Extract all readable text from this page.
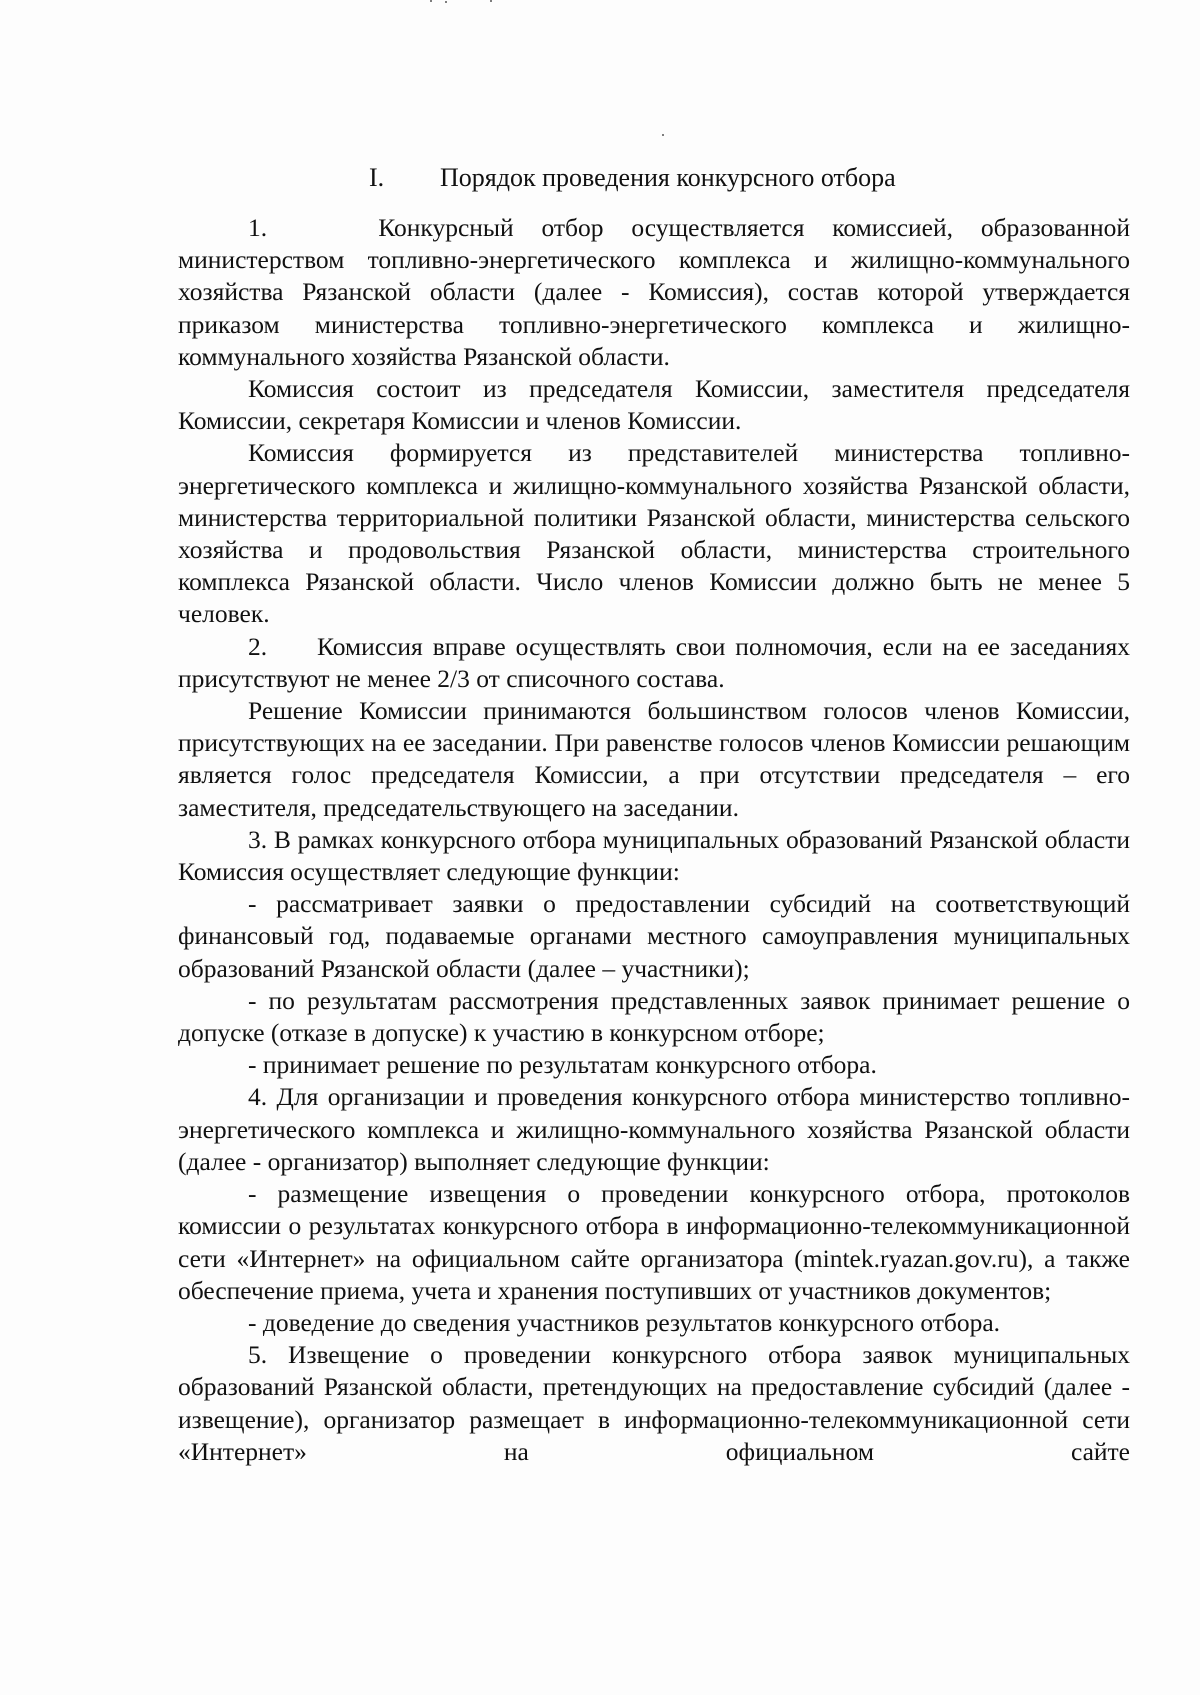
I. Порядок проведения конкурсного отбора

1.    Конкурсный отбор осуществляется комиссией, образованной министерством топливно-энергетического комплекса и жилищно-коммунального хозяйства Рязанской области (далее - Комиссия), состав которой утверждается приказом министерства топливно-энергетического комплекса и жилищно-коммунального хозяйства Рязанской области.

Комиссия состоит из председателя Комиссии, заместителя председателя Комиссии, секретаря Комиссии и членов Комиссии.

Комиссия формируется из представителей министерства топливно-энергетического комплекса и жилищно-коммунального хозяйства Рязанской области, министерства территориальной политики Рязанской области, министерства сельского хозяйства и продовольствия Рязанской области, министерства строительного комплекса Рязанской области. Число членов Комиссии должно быть не менее 5 человек.

2.     Комиссия вправе осуществлять свои полномочия, если на ее заседаниях присутствуют не менее 2/3 от списочного состава.

Решение Комиссии принимаются большинством голосов членов Комиссии, присутствующих на ее заседании. При равенстве голосов членов Комиссии решающим является голос председателя Комиссии, а при отсутствии председателя – его заместителя, председательствующего на заседании.

3. В рамках конкурсного отбора муниципальных образований Рязанской области Комиссия осуществляет следующие функции:

- рассматривает заявки о предоставлении субсидий на соответствующий финансовый год, подаваемые органами местного самоуправления муниципальных образований Рязанской области (далее – участники);

- по результатам рассмотрения представленных заявок принимает решение о допуске (отказе в допуске) к участию в конкурсном отборе;

- принимает решение по результатам конкурсного отбора.

4. Для организации и проведения конкурсного отбора министерство топливно-энергетического комплекса и жилищно-коммунального хозяйства Рязанской области (далее - организатор) выполняет следующие функции:

- размещение извещения о проведении конкурсного отбора, протоколов комиссии о результатах конкурсного отбора в информационно-телекоммуникационной сети «Интернет» на официальном сайте организатора (mintek.ryazan.gov.ru), а также обеспечение приема, учета и хранения поступивших от участников документов;

- доведение до сведения участников результатов конкурсного отбора.

5. Извещение о проведении конкурсного отбора заявок муниципальных образований Рязанской области, претендующих на предоставление субсидий (далее - извещение), организатор размещает в информационно-телекоммуникационной сети «Интернет» на официальном сайте
